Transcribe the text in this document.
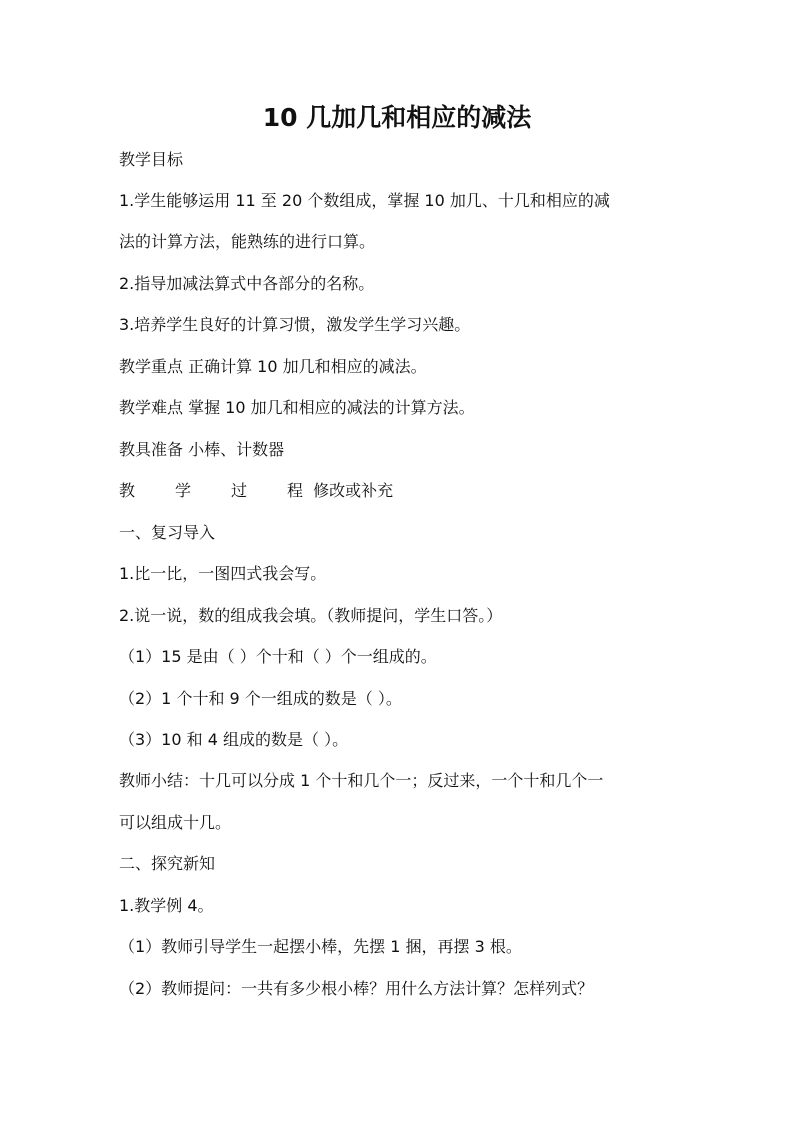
10 几加几和相应的减法

教学目标

1.学生能够运用 11 至 20 个数组成，掌握 10 加几、十几和相应的减

法的计算方法，能熟练的进行口算。

2.指导加减法算式中各部分的名称。

3.培养学生良好的计算习惯，激发学生学习兴趣。

教学重点 正确计算 10 加几和相应的减法。

教学难点 掌握 10 加几和相应的减法的计算方法。

教具准备 小棒、计数器

教	学	过	程 修改或补充

一、复习导入

1.比一比，一图四式我会写。

2.说一说，数的组成我会填。（教师提问，学生口答。）

（1）15 是由（ ）个十和（ ）个一组成的。

（2）1 个十和 9 个一组成的数是（ ）。

（3）10 和 4 组成的数是（ ）。

教师小结：十几可以分成 1 个十和几个一；反过来，一个十和几个一

可以组成十几。

二、探究新知

1.教学例 4。

（1）教师引导学生一起摆小棒，先摆 1 捆，再摆 3 根。

（2）教师提问：一共有多少根小棒？用什么方法计算？怎样列式？
